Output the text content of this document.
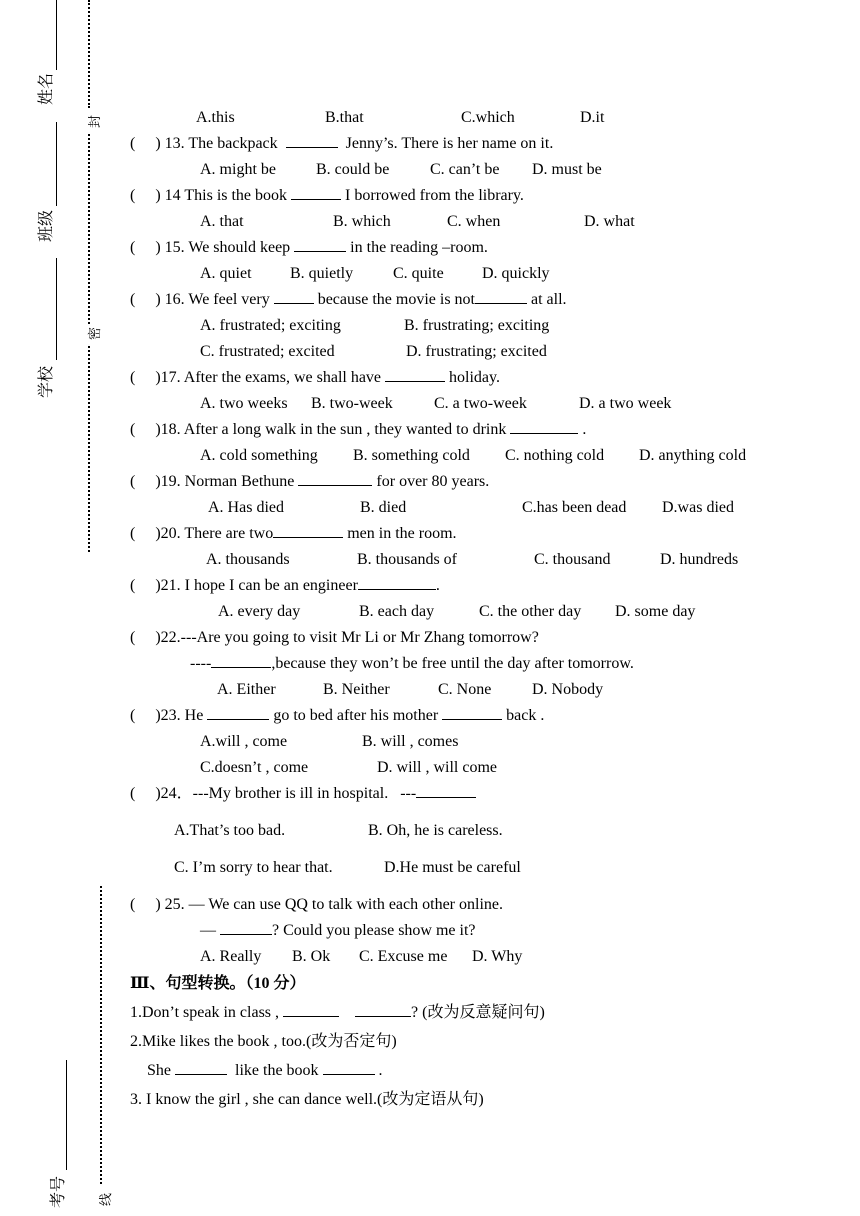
姓名
班级
学校
考号
封
密
线
A.this	B.that	C.which	D.it
( ) 13. The backpack	Jenny’s. There is her name on it.
A. might be	B. could be	C. can’t be D. must be
( ) 14 This is the book	I borrowed from the library.
A. that	B. which	C. when	D. what
( ) 15. We should keep	in the reading –room.
A. quiet B. quietly C. quite D. quickly
( ) 16. We feel very	because the movie is not	at all.
A. frustrated; exciting	B. frustrating; exciting
C. frustrated; excited	D. frustrating; excited
( )17. After the exams, we shall have	holiday.
A. two weeks B. two-week	C. a two-week	D. a two week
( )18. After a long walk in the sun , they wanted to drink	.
A. cold something B. something cold C. nothing cold D. anything cold
( )19. Norman Bethune	for over 80 years.
A. Has died	B. died	C.has been dead D.was died
( )20. There are two	men in the room.
A. thousands	B. thousands of	C. thousand	D. hundreds
( )21. I hope I can be an engineer	.
A. every day	B. each day	C. the other day D. some day
( )22.---Are you going to visit Mr Li or Mr Zhang tomorrow?
----	,because they won’t be free until the day after tomorrow.
A. Either	B. Neither	C. None	D. Nobody
( )23. He	go to bed after his mother	back .
A.will , come	B. will , comes
C.doesn’t , come	D. will , will come
( )24．---My brother is ill in hospital.   ---
A.That’s too bad.	B. Oh, he is careless.
C. I’m sorry to hear that.	D.He must be careful
( ) 25. — We can use QQ to talk with each other online.
—	? Could you please show me it?
A. Really B. Ok C. Excuse me D. Why
Ⅲ、句型转换。（10 分）
1.Don’t speak in class ,	? (改为反意疑问句)
2.Mike likes the book , too.(改为否定句)
She	like the book	.
3. I know the girl , she can dance well.(改为定语从句)
